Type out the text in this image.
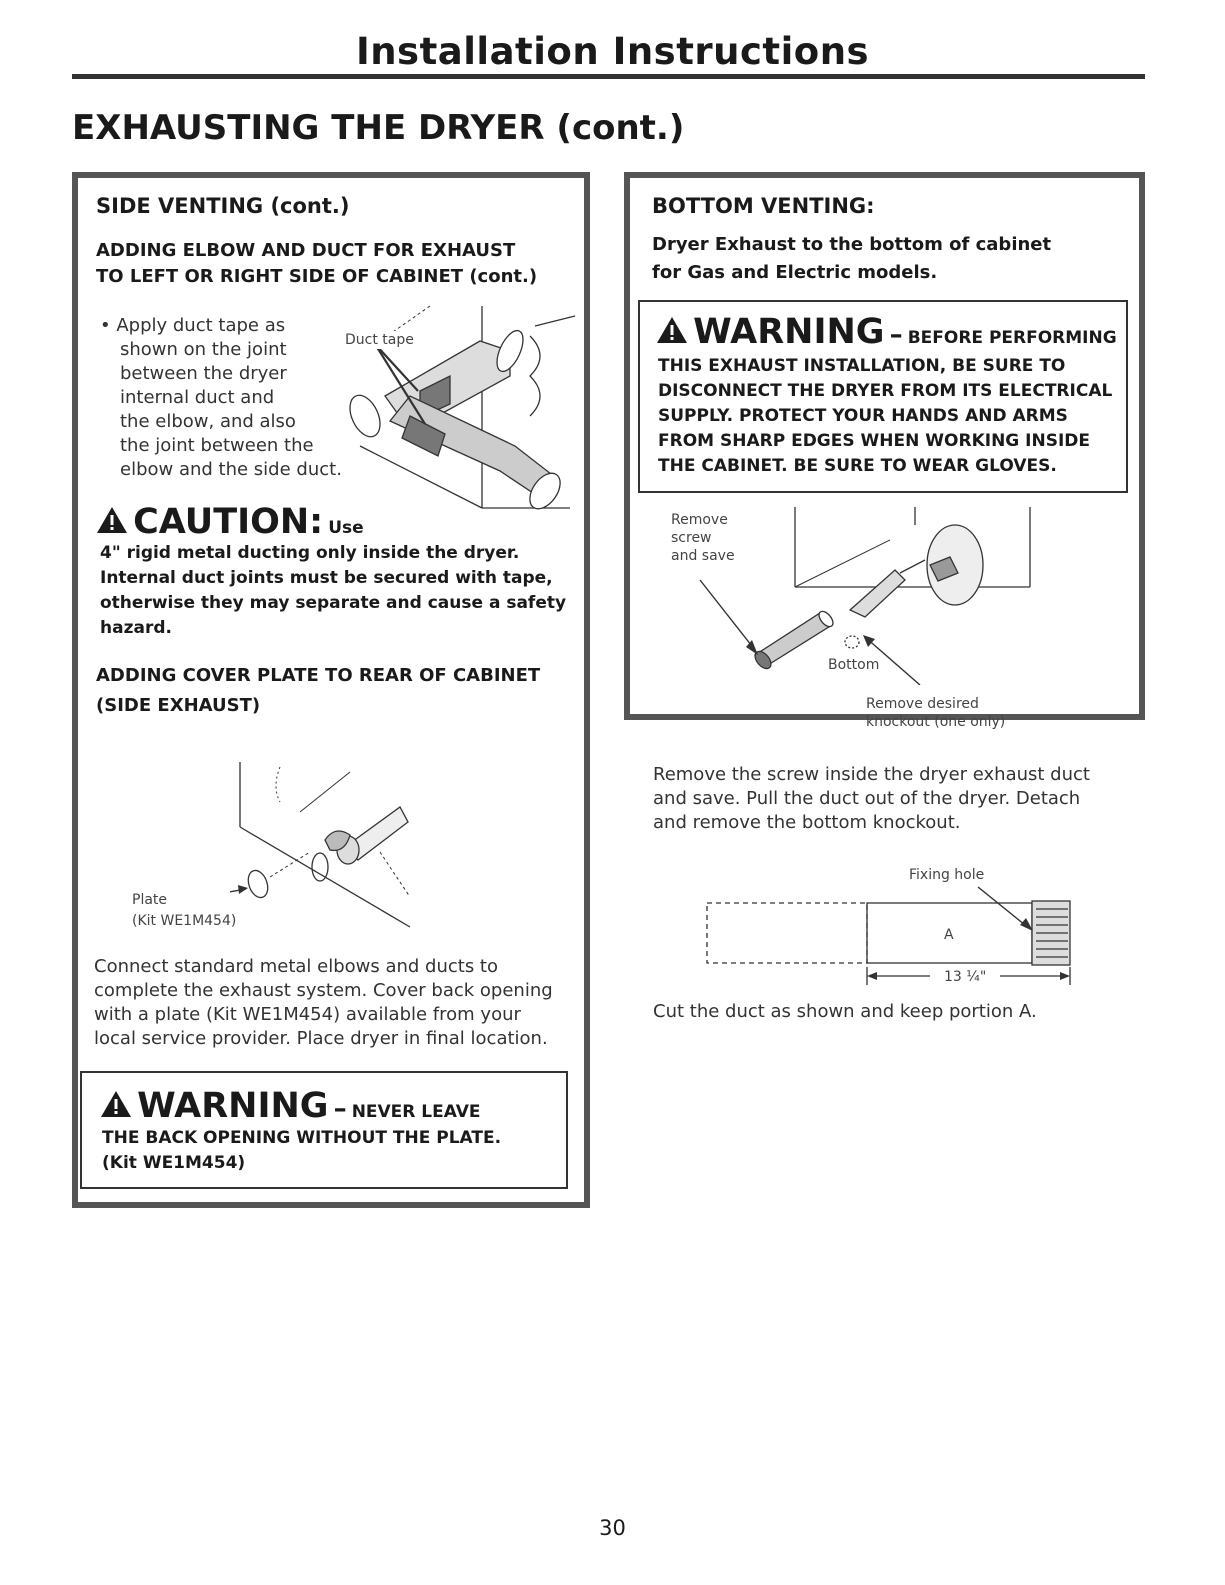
Installation Instructions
EXHAUSTING THE DRYER (cont.)
SIDE VENTING (cont.)
ADDING ELBOW AND DUCT FOR EXHAUST
TO LEFT OR RIGHT SIDE OF CABINET (cont.)
• Apply duct tape as
shown on the joint
between the dryer
internal duct and
the elbow, and also
the joint between the
elbow and the side duct.
Duct tape
CAUTION: Use
4" rigid metal ducting only inside the dryer.
Internal duct joints must be secured with tape,
otherwise they may separate and cause a safety
hazard.
ADDING COVER PLATE TO REAR OF CABINET
(SIDE EXHAUST)
Plate
(Kit WE1M454)
Connect standard metal elbows and ducts to
complete the exhaust system. Cover back opening
with a plate (Kit WE1M454) available from your
local service provider. Place dryer in final location.
WARNING – NEVER LEAVE
THE BACK OPENING WITHOUT THE PLATE.
(Kit WE1M454)
BOTTOM VENTING:
Dryer Exhaust to the bottom of cabinet
for Gas and Electric models.
WARNING – BEFORE PERFORMING
THIS EXHAUST INSTALLATION, BE SURE TO
DISCONNECT THE DRYER FROM ITS ELECTRICAL
SUPPLY. PROTECT YOUR HANDS AND ARMS
FROM SHARP EDGES WHEN WORKING INSIDE
THE CABINET. BE SURE TO WEAR GLOVES.
Remove
screw
and save
Bottom
Remove desired
knockout (one only)
Remove the screw inside the dryer exhaust duct
and save. Pull the duct out of the dryer. Detach
and remove the bottom knockout.
Fixing hole
A
13 ¼"
Cut the duct as shown and keep portion A.
30
